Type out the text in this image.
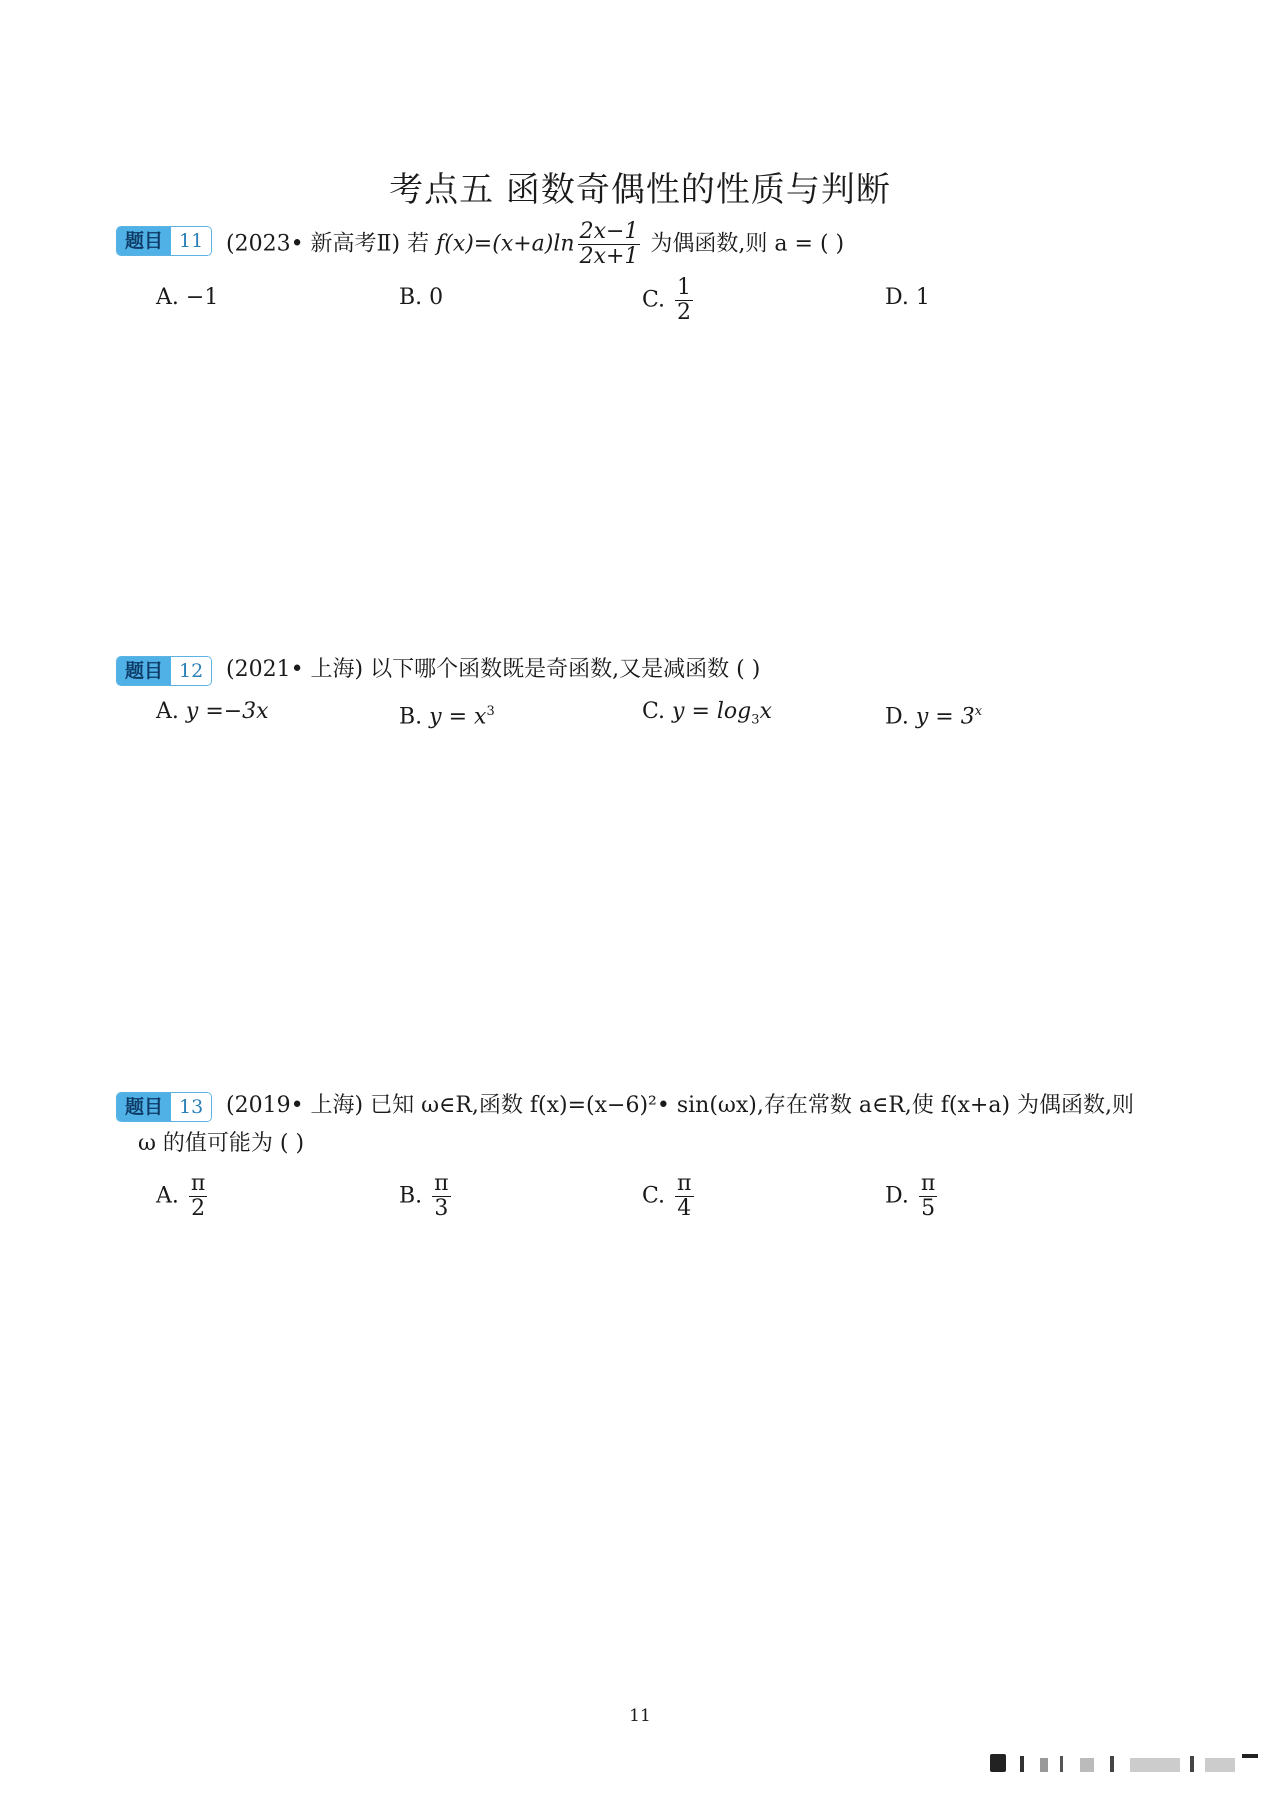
考点五 函数奇偶性的性质与判断
题目 11	(2023• 新高考Ⅱ) 若 $f(x)=(x+a)\ln \frac{2x-1}{2x+1}$ 为偶函数,则 a = ( )
A. −1	B. 0	C. $\frac{1}{2}$	D. 1
题目 12	(2021• 上海) 以下哪个函数既是奇函数,又是减函数 ( )
A. y =−3x	B. $y = x^3$	C. $y = \log_3x$	D. $y = 3^x$
题目 13	(2019• 上海) 已知 ω∈R,函数 f(x)=(x−6)²• sin(ωx),存在常数 a∈R,使 f(x+a) 为偶函数,则
ω 的值可能为 ( )
A. $\frac{\pi}{2}$	B. $\frac{\pi}{3}$	C. $\frac{\pi}{4}$	D. $\frac{\pi}{5}$
11
